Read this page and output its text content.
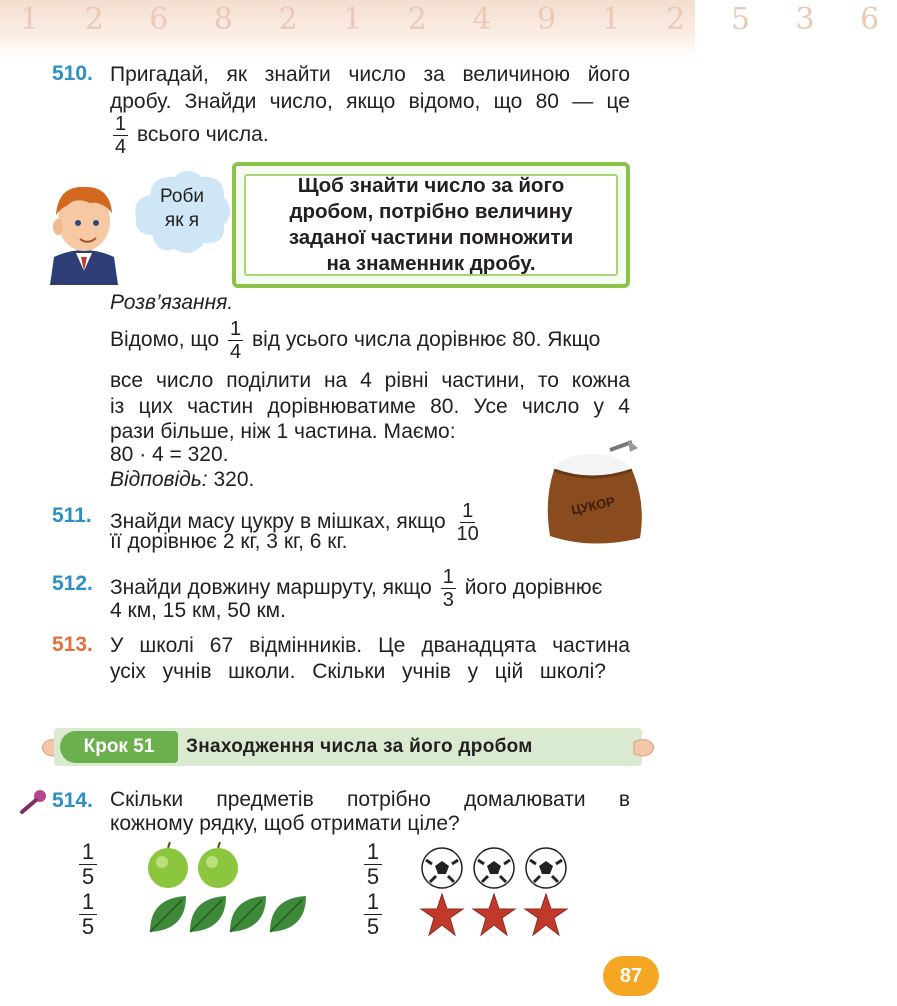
1 2 6 8 2 1 2 4 9 1 2 5 3 6
510. Пригадай, як знайти число за величиною його
дробу. Знайди число, якщо відомо, що 80 — це
$\frac{1}{4}$ всього числа.
Роби
як я
Щоб знайти число за його
дробом, потрібно величину
заданої частини помножити
на знаменник дробу.
Розв’язання.
Відомо, що $\frac{1}{4}$ від усього числа дорівнює 80. Якщо
все число поділити на 4 рівні частини, то кожна
із цих частин дорівнюватиме 80. Усе число у 4
рази більше, ніж 1 частина. Маємо:
80 · 4 = 320.
Відповідь: 320.
ЦУКОР
511. Знайди масу цукру в мішках, якщо $\frac{1}{10}$
її дорівнює 2 кг, 3 кг, 6 кг.
512. Знайди довжину маршруту, якщо $\frac{1}{3}$ його дорівнює
4 км, 15 км, 50 км.
513. У школі 67 відмінників. Це дванадцята частина
усіх учнів школи. Скільки учнів у цій школі?
Крок 51	Знаходження числа за його дробом
514. Скільки предметів потрібно домалювати в
кожному рядку, щоб отримати ціле?
1
5
1
5
1
5
1
5
87
